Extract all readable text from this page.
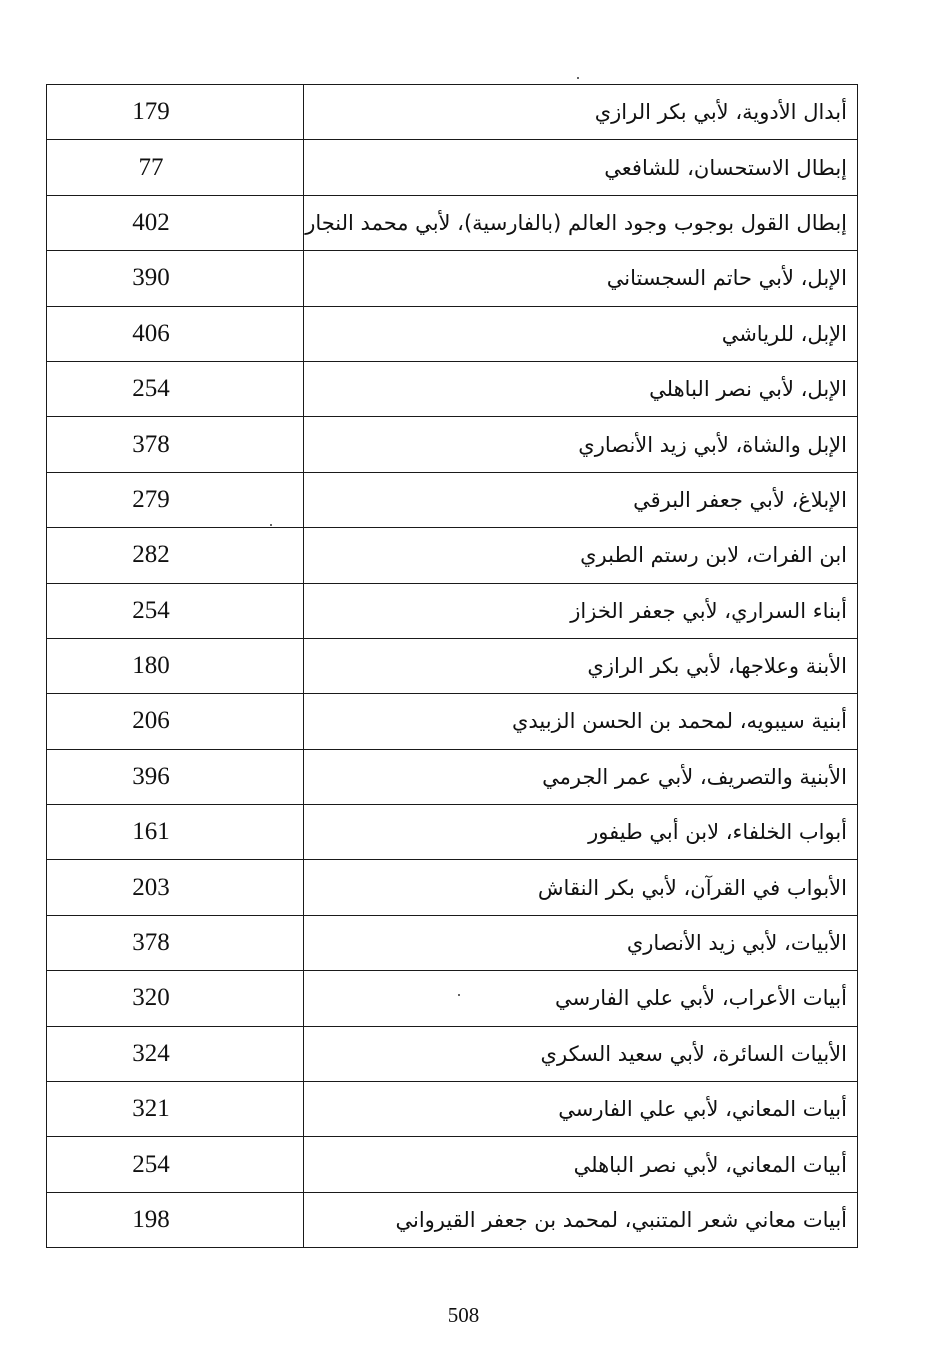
179	أبدال الأدوية، لأبي بكر الرازي
77	إبطال الاستحسان، للشافعي
402	إبطال القول بوجوب وجود العالم (بالفارسية)، لأبي محمد النجار
390	الإبل، لأبي حاتم السجستاني
406	الإبل، للرياشي
254	الإبل، لأبي نصر الباهلي
378	الإبل والشاة، لأبي زيد الأنصاري
279	الإبلاغ، لأبي جعفر البرقي
282	ابن الفرات، لابن رستم الطبري
254	أبناء السراري، لأبي جعفر الخزاز
180	الأبنة وعلاجها، لأبي بكر الرازي
206	أبنية سيبويه، لمحمد بن الحسن الزبيدي
396	الأبنية والتصريف، لأبي عمر الجرمي
161	أبواب الخلفاء، لابن أبي طيفور
203	الأبواب في القرآن، لأبي بكر النقاش
378	الأبيات، لأبي زيد الأنصاري
320	أبيات الأعراب، لأبي علي الفارسي
324	الأبيات السائرة، لأبي سعيد السكري
321	أبيات المعاني، لأبي علي الفارسي
254	أبيات المعاني، لأبي نصر الباهلي
198	أبيات معاني شعر المتنبي، لمحمد بن جعفر القيرواني
508
